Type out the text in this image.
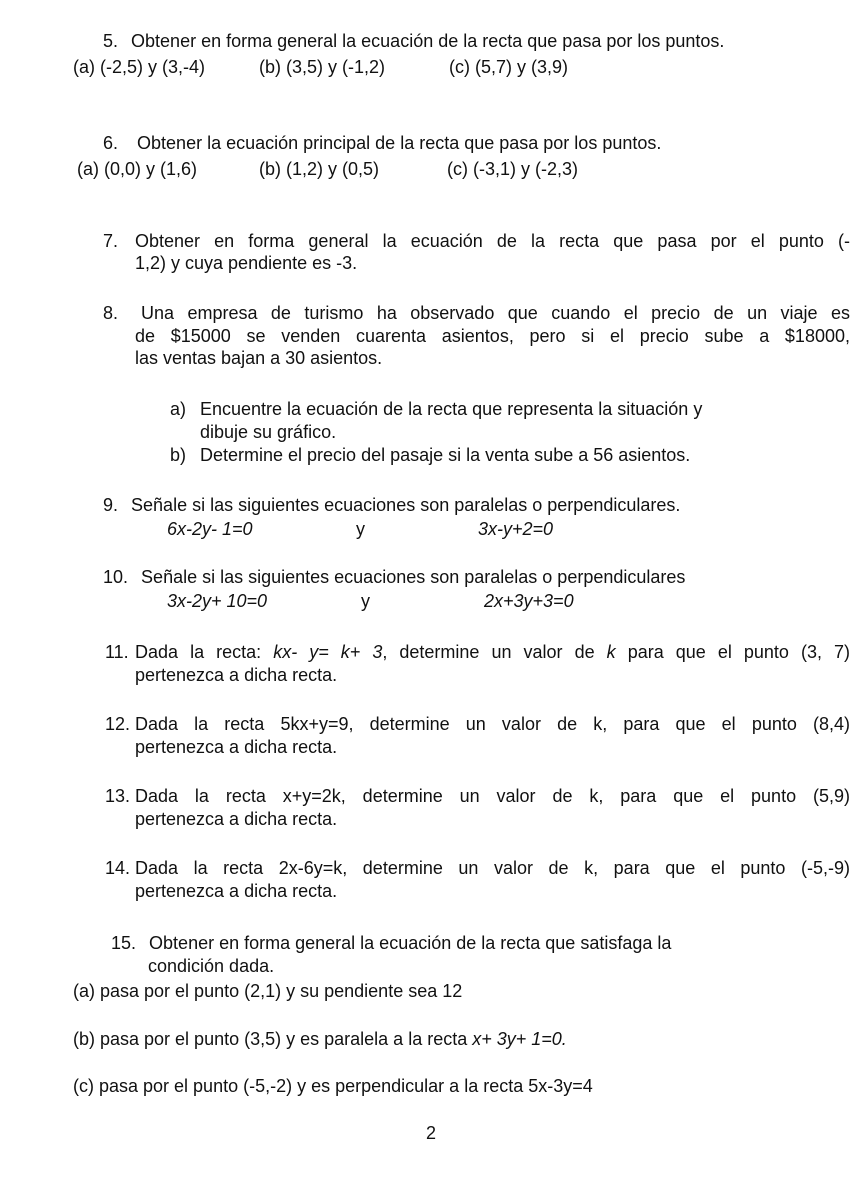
5. Obtener en forma general la ecuación de la recta que pasa por los puntos.
(a) (-2,5) y (3,-4)	(b) (3,5) y (-1,2)	(c) (5,7) y (3,9)
6. Obtener la ecuación principal de la recta que pasa por los puntos.
(a) (0,0) y (1,6)	(b) (1,2) y (0,5)	(c) (-3,1) y (-2,3)
7. Obtener en forma general la ecuación de la recta que pasa por el punto (-
1,2) y cuya pendiente es -3.
8. Una empresa de turismo ha observado que cuando el precio de un viaje es
de $15000 se venden cuarenta asientos, pero si el precio sube a $18000,
las ventas bajan a 30 asientos.
a) Encuentre la ecuación de la recta que representa la situación y
dibuje su gráfico.
b) Determine el precio del pasaje si la venta sube a 56 asientos.
9. Señale si las siguientes ecuaciones son paralelas o perpendiculares.
6x-2y- 1=0	y	3x-y+2=0
10. Señale si las siguientes ecuaciones son paralelas o perpendiculares
3x-2y+ 10=0	y	2x+3y+3=0
11. Dada la recta: kx- y= k+ 3, determine un valor de k para que el punto (3, 7)
pertenezca a dicha recta.
12. Dada la recta 5kx+y=9, determine un valor de k, para que el punto (8,4)
pertenezca a dicha recta.
13. Dada la recta x+y=2k, determine un valor de k, para que el punto (5,9)
pertenezca a dicha recta.
14. Dada la recta 2x-6y=k, determine un valor de k, para que el punto (-5,-9)
pertenezca a dicha recta.
15. Obtener en forma general la ecuación de la recta que satisfaga la
condición dada.
(a) pasa por el punto (2,1) y su pendiente sea 12
(b) pasa por el punto (3,5) y es paralela a la recta x+ 3y+ 1=0.
(c) pasa por el punto (-5,-2) y es perpendicular a la recta 5x-3y=4
2
